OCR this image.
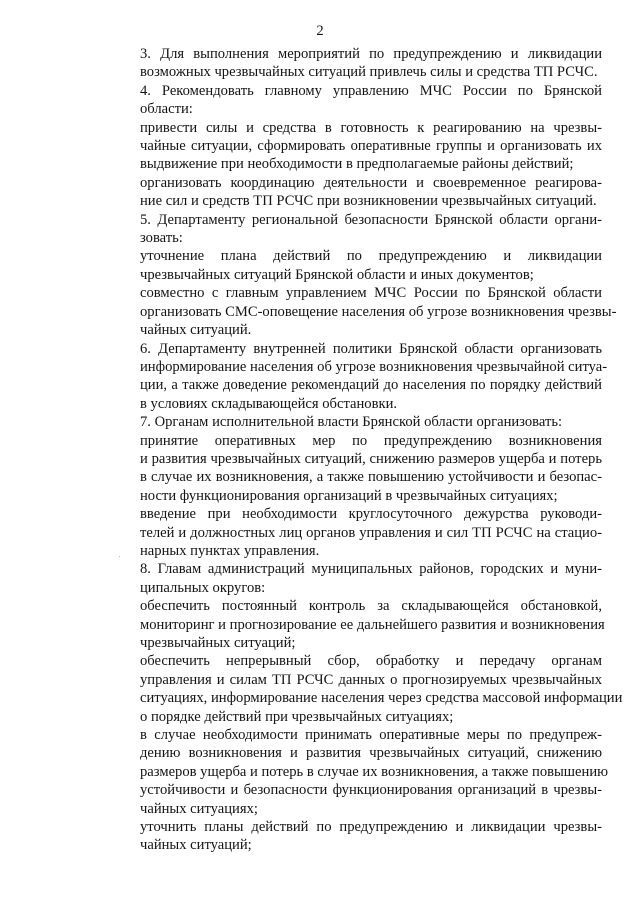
2
3. Для выполнения мероприятий по предупреждению и ликвидации
возможных чрезвычайных ситуаций привлечь силы и средства ТП РСЧС.
4. Рекомендовать главному управлению МЧС России по Брянской
области:
привести силы и средства в готовность к реагированию на чрезвы-
чайные ситуации, сформировать оперативные группы и организовать их
выдвижение при необходимости в предполагаемые районы действий;
организовать координацию деятельности и своевременное реагирова-
ние сил и средств ТП РСЧС при возникновении чрезвычайных ситуаций.
5. Департаменту региональной безопасности Брянской области органи-
зовать:
уточнение плана действий по предупреждению и ликвидации
чрезвычайных ситуаций Брянской области и иных документов;
совместно с главным управлением МЧС России по Брянской области
организовать СМС-оповещение населения об угрозе возникновения чрезвы-
чайных ситуаций.
6. Департаменту внутренней политики Брянской области организовать
информирование населения об угрозе возникновения чрезвычайной ситуа-
ции, а также доведение рекомендаций до населения по порядку действий
в условиях складывающейся обстановки.
7. Органам исполнительной власти Брянской области организовать:
принятие оперативных мер по предупреждению возникновения
и развития чрезвычайных ситуаций, снижению размеров ущерба и потерь
в случае их возникновения, а также повышению устойчивости и безопас-
ности функционирования организаций в чрезвычайных ситуациях;
введение при необходимости круглосуточного дежурства руководи-
телей и должностных лиц органов управления и сил ТП РСЧС на стацио-
нарных пунктах управления.
8. Главам администраций муниципальных районов, городских и муни-
ципальных округов:
обеспечить постоянный контроль за складывающейся обстановкой,
мониторинг и прогнозирование ее дальнейшего развития и возникновения
чрезвычайных ситуаций;
обеспечить непрерывный сбор, обработку и передачу органам
управления и силам ТП РСЧС данных о прогнозируемых чрезвычайных
ситуациях, информирование населения через средства массовой информации
о порядке действий при чрезвычайных ситуациях;
в случае необходимости принимать оперативные меры по предупреж-
дению возникновения и развития чрезвычайных ситуаций, снижению
размеров ущерба и потерь в случае их возникновения, а также повышению
устойчивости и безопасности функционирования организаций в чрезвы-
чайных ситуациях;
уточнить планы действий по предупреждению и ликвидации чрезвы-
чайных ситуаций;
